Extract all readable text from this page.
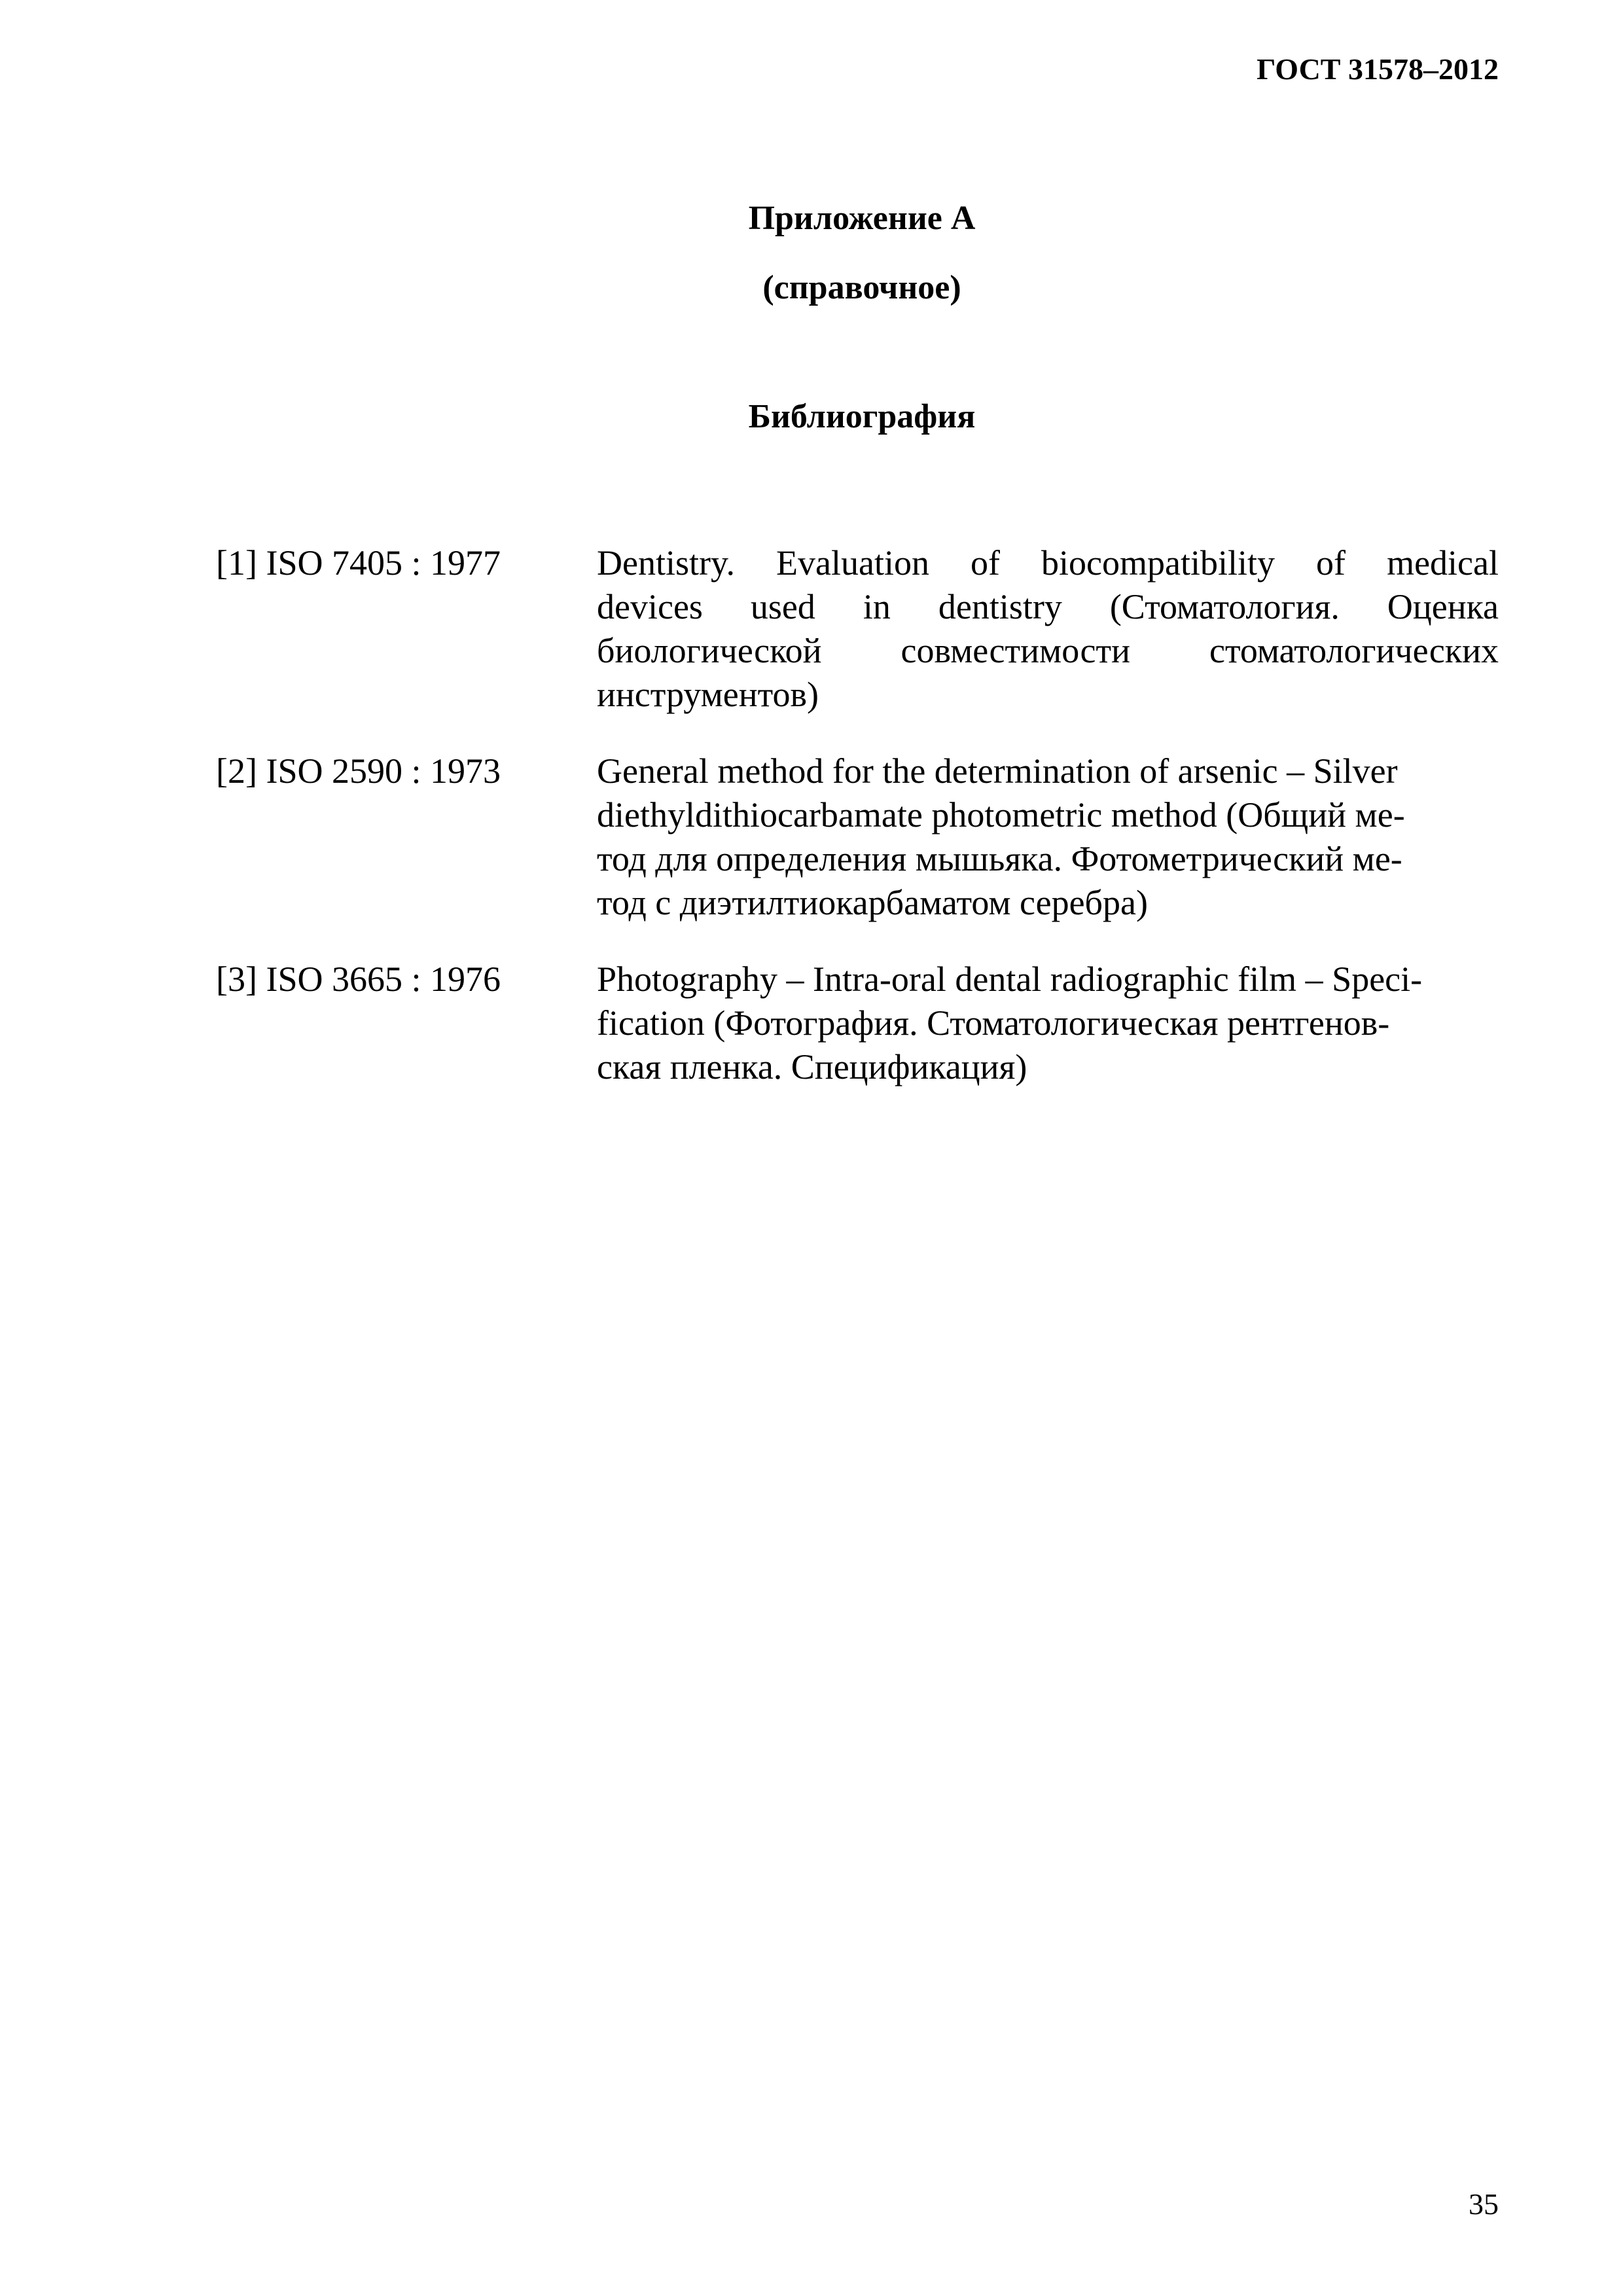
ГОСТ 31578–2012
Приложение А
(справочное)
Библиография
[1] ISO 7405 : 1977	Dentistry. Evaluation of biocompatibility of medical
devices used in dentistry (Стоматология. Оценка
биологической совместимости стоматологических
инструментов)
[2] ISO 2590 : 1973	General method for the determination of arsenic – Silver
diethyldithiocarbamate photometric method (Общий ме-
тод для определения мышьяка. Фотометрический ме-
тод с диэтилтиокарбаматом серебра)
[3] ISO 3665 : 1976	Photography – Intra-oral dental radiographic film – Speci-
fication (Фотография. Стоматологическая рентгенов-
ская пленка. Спецификация)
35
